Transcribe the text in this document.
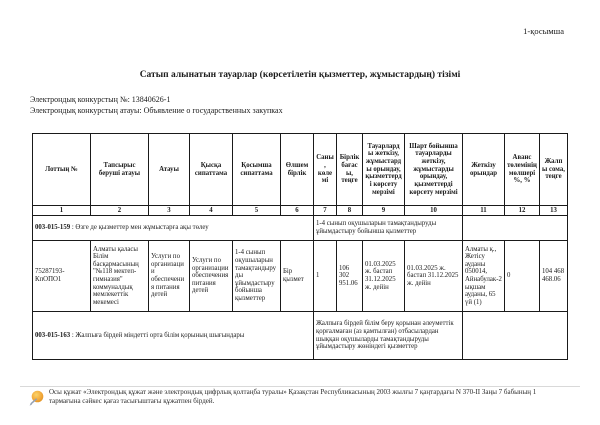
1-қосымша
Сатып алынатын тауарлар (көрсетілетін қызметтер, жұмыстардың) тізімі
Электрондық конкурстың №: 13840626-1
Электрондық конкурстың атауы: Объявление о государственных закупках
Лоттың №	Тапсырыс беруші атауы	Атауы	Қысқа сипаттама	Қосымша сипаттама	Өлшем бірлік	Саны, көлемі	Бірлік бағасы, теңге	Тауарларды жеткізу, жұмыстарды орындау, қызметтерді көрсету мерзімі	Шарт бойынша тауарларды жеткізу, жұмыстарды орындау, қызметтерді көрсету мерзімі	Жеткізу орындар	Аванс төлемінің мөлшері %, %	Жалпы сома, теңге
1	2	3	4	5	6	7	8	9	10	11	12	13
003-015-159 : Өзге де қызметтер мен жұмыстарға ақы төлеу						1-4 сынып оқушыларын тамақтандыруды ұйымдастыру бойынша қызметтер						
75287193-КпОПО1	Алматы қаласы Білім басқармасының "№118 мектеп-гимназия" коммуналдық мемлекеттік мекемесі	Услуги по организации обеспечения питания детей	Услуги по организации обеспечения питания детей	1-4 сынып оқушыларын тамақтандыруды ұйымдастыру бойынша қызметтер	Бір қызмет	1	106 302 951.06	01.03.2025 ж. бастап 31.12.2025 ж. дейін	01.03.2025 ж. бастап 31.12.2025 ж. дейін	Алматы қ., Жетісу ауданы 050014, Айнабулак-2 ықшам ауданы, 65 үй (1)	0	104 468 468.06
003-015-163 : Жалпыға бірдей міндетті орта білім қорының шығындары						Жалпыға бірдей білім беру қорынан әлеуметтік қорғалмаған (аз қамтылған) отбасылардан шыққан оқушыларды тамақтандыруды ұйымдастыру жөніндегі қызметтер						
Осы құжат «Электрондық құжат және электрондық цифрлық қолтаңба туралы» Қазақстан Республикасының 2003 жылғы 7 қаңтардағы N 370-II Заңы 7 бабының 1 тармағына сәйкес қағаз тасығыштағы құжатпен бірдей.
